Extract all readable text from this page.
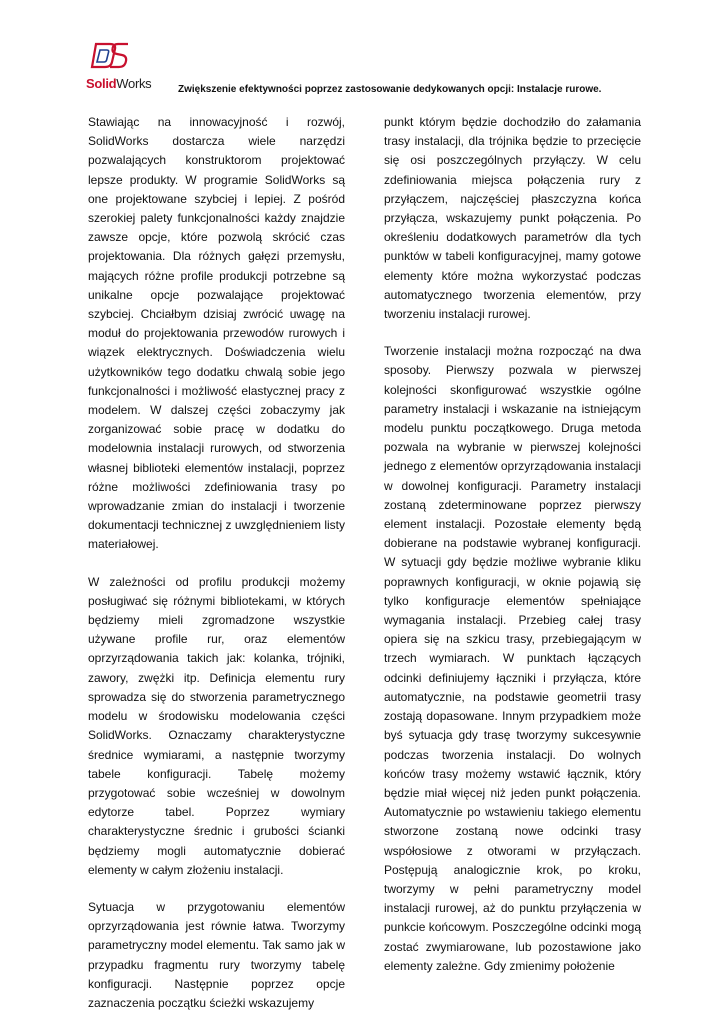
SolidWorks	Zwiększenie efektywności poprzez zastosowanie dedykowanych opcji: Instalacje rurowe.

Stawiając na innowacyjność i rozwój, SolidWorks dostarcza wiele narzędzi pozwalających konstruktorom projektować lepsze produkty. W programie SolidWorks są one projektowane szybciej i lepiej. Z pośród szerokiej palety funkcjonalności każdy znajdzie zawsze opcje, które pozwolą skrócić czas projektowania. Dla różnych gałęzi przemysłu, mających różne profile produkcji potrzebne są unikalne opcje pozwalające projektować szybciej. Chciałbym dzisiaj zwrócić uwagę na moduł do projektowania przewodów rurowych i wiązek elektrycznych. Doświadczenia wielu użytkowników tego dodatku chwalą sobie jego funkcjonalności i możliwość elastycznej pracy z modelem. W dalszej części zobaczymy jak zorganizować sobie pracę w dodatku do modelownia instalacji rurowych, od stworzenia własnej biblioteki elementów instalacji, poprzez różne możliwości zdefiniowania trasy po wprowadzanie zmian do instalacji i tworzenie dokumentacji technicznej z uwzględnieniem listy materiałowej.

W zależności od profilu produkcji możemy posługiwać się różnymi bibliotekami, w których będziemy mieli zgromadzone wszystkie używane profile rur, oraz elementów oprzyrządowania takich jak: kolanka, trójniki, zawory, zwężki itp. Definicja elementu rury sprowadza się do stworzenia parametrycznego modelu w środowisku modelowania części SolidWorks. Oznaczamy charakterystyczne średnice wymiarami, a następnie tworzymy tabele konfiguracji. Tabelę możemy przygotować sobie wcześniej w dowolnym edytorze tabel. Poprzez wymiary charakterystyczne średnic i grubości ścianki będziemy mogli automatycznie dobierać elementy w całym złożeniu instalacji.

Sytuacja w przygotowaniu elementów oprzyrządowania jest równie łatwa. Tworzymy parametryczny model elementu. Tak samo jak w przypadku fragmentu rury tworzymy tabelę konfiguracji. Następnie poprzez opcje zaznaczenia początku ścieżki wskazujemy

punkt którym będzie dochodziło do załamania trasy instalacji, dla trójnika będzie to przecięcie się osi poszczególnych przyłączy. W celu zdefiniowania miejsca połączenia rury z przyłączem, najczęściej płaszczyzna końca przyłącza, wskazujemy punkt połączenia. Po określeniu dodatkowych parametrów dla tych punktów w tabeli konfiguracyjnej, mamy gotowe elementy które można wykorzystać podczas automatycznego tworzenia elementów, przy tworzeniu instalacji rurowej.

Tworzenie instalacji można rozpocząć na dwa sposoby. Pierwszy pozwala w pierwszej kolejności skonfigurować wszystkie ogólne parametry instalacji i wskazanie na istniejącym modelu punktu początkowego. Druga metoda pozwala na wybranie w pierwszej kolejności jednego z elementów oprzyrządowania instalacji w dowolnej konfiguracji. Parametry instalacji zostaną zdeterminowane poprzez pierwszy element instalacji. Pozostałe elementy będą dobierane na podstawie wybranej konfiguracji. W sytuacji gdy będzie możliwe wybranie kliku poprawnych konfiguracji, w oknie pojawią się tylko konfiguracje elementów spełniające wymagania instalacji. Przebieg całej trasy opiera się na szkicu trasy, przebiegającym w trzech wymiarach. W punktach łączących odcinki definiujemy łączniki i przyłącza, które automatycznie, na podstawie geometrii trasy zostają dopasowane. Innym przypadkiem może byś sytuacja gdy trasę tworzymy sukcesywnie podczas tworzenia instalacji. Do wolnych końców trasy możemy wstawić łącznik, który będzie miał więcej niż jeden punkt połączenia. Automatycznie po wstawieniu takiego elementu stworzone zostaną nowe odcinki trasy współosiowe z otworami w przyłączach. Postępują analogicznie krok, po kroku, tworzymy w pełni parametryczny model instalacji rurowej, aż do punktu przyłączenia w punkcie końcowym. Poszczególne odcinki mogą zostać zwymiarowane, lub pozostawione jako elementy zależne. Gdy zmienimy położenie
